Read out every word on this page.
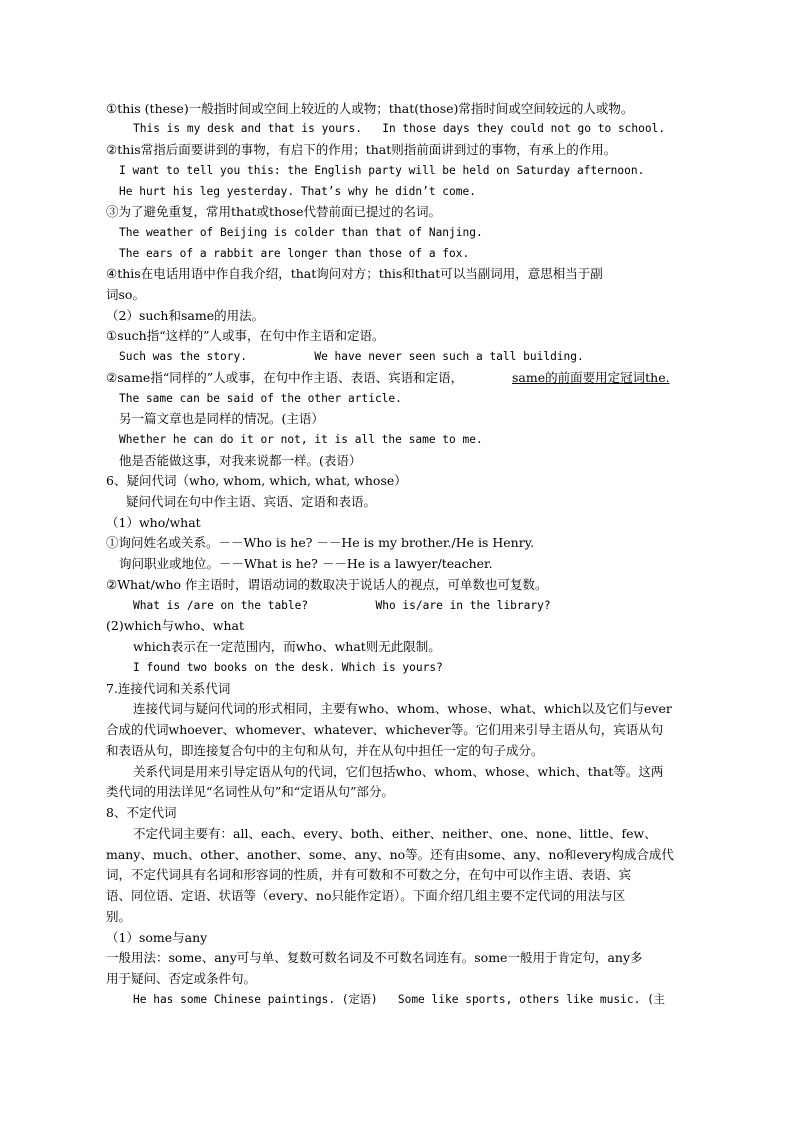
①this (these)一般指时间或空间上较近的人或物；that(those)常指时间或空间较远的人或物。
This is my desk and that is yours.   In those days they could not go to school.
②this常指后面要讲到的事物，有启下的作用；that则指前面讲到过的事物，有承上的作用。
I want to tell you this: the English party will be held on Saturday afternoon.
He hurt his leg yesterday. That’s why he didn’t come.
③为了避免重复，常用that或those代替前面已提过的名词。
The weather of Beijing is colder than that of Nanjing.
The ears of a rabbit are longer than those of a fox.
④this在电话用语中作自我介绍，that询问对方；this和that可以当副词用，意思相当于副
词so。
（2）such和same的用法。
①such指“这样的”人或事，在句中作主语和定语。
Such was the story.          We have never seen such a tall building.
②same指“同样的”人或事，在句中作主语、表语、宾语和定语，	same的前面要用定冠词the.
The same can be said of the other article.
另一篇文章也是同样的情况。(主语）
Whether he can do it or not, it is all the same to me.
他是否能做这事，对我来说都一样。(表语）
6、疑问代词（who, whom, which, what, whose）
疑问代词在句中作主语、宾语、定语和表语。
（1）who/what
①询问姓名或关系。－－Who is he? －－He is my brother./He is Henry.
询问职业或地位。－－What is he? －－He is a lawyer/teacher.
②What/who 作主语时，谓语动词的数取决于说话人的视点，可单数也可复数。
What is /are on the table?          Who is/are in the library?
(2)which与who、what
which表示在一定范围内，而who、what则无此限制。
I found two books on the desk. Which is yours?
7.连接代词和关系代词
连接代词与疑问代词的形式相同，主要有who、whom、whose、what、which以及它们与ever
合成的代词whoever、whomever、whatever、whichever等。它们用来引导主语从句，宾语从句
和表语从句，即连接复合句中的主句和从句，并在从句中担任一定的句子成分。
关系代词是用来引导定语从句的代词，它们包括who、whom、whose、which、that等。这两
类代词的用法详见“名词性从句”和“定语从句”部分。
8、不定代词
不定代词主要有：all、each、every、both、either、neither、one、none、little、few、
many、much、other、another、some、any、no等。还有由some、any、no和every构成合成代
词，不定代词具有名词和形容词的性质，并有可数和不可数之分，在句中可以作主语、表语、宾
语、同位语、定语、状语等（every、no只能作定语）。下面介绍几组主要不定代词的用法与区
别。
（1）some与any
一般用法：some、any可与单、复数可数名词及不可数名词连有。some一般用于肯定句，any多
用于疑问、否定或条件句。
He has some Chinese paintings. (定语)   Some like sports, others like music. (主
